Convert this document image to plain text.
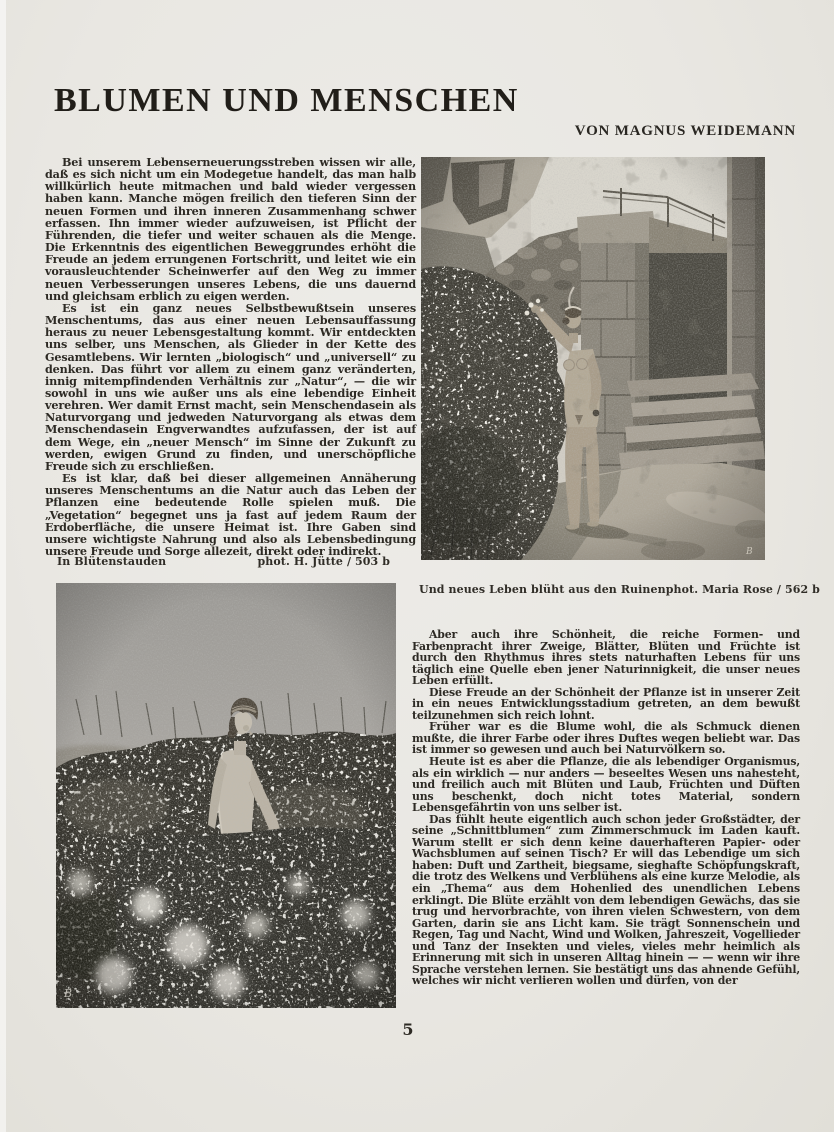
BLUMEN UND MENSCHEN
VON MAGNUS WEIDEMANN

Bei unserem Lebenserneuerungsstreben wissen wir alle, daß es sich nicht um ein Modegetue handelt, das man halb willkürlich heute mitmachen und bald wieder vergessen haben kann. Manche mögen freilich den tieferen Sinn der neuen Formen und ihren inneren Zusammenhang schwer erfassen. Ihn immer wieder aufzuweisen, ist Pflicht der Führenden, die tiefer und weiter schauen als die Menge. Die Erkenntnis des eigentlichen Beweggrundes erhöht die Freude an jedem errungenen Fortschritt, und leitet wie ein vorausleuchtender Scheinwerfer auf den Weg zu immer neuen Verbesserungen unseres Lebens, die uns dauernd und gleichsam erblich zu eigen werden.

Es ist ein ganz neues Selbstbewußtsein unseres Menschentums, das aus einer neuen Lebensauffassung heraus zu neuer Lebensgestaltung kommt. Wir entdeckten uns selber, uns Menschen, als Glieder in der Kette des Gesamtlebens. Wir lernten „biologisch“ und „universell“ zu denken. Das führt vor allem zu einem ganz veränderten, innig mitempfindenden Verhältnis zur „Natur“, — die wir sowohl in uns wie außer uns als eine lebendige Einheit verehren. Wer damit Ernst macht, sein Menschendasein als Naturvorgang und jedweden Naturvorgang als etwas dem Menschendasein Engverwandtes aufzufassen, der ist auf dem Wege, ein „neuer Mensch“ im Sinne der Zukunft zu werden, ewigen Grund zu finden, und unerschöpfliche Freude sich zu erschließen.

Es ist klar, daß bei dieser allgemeinen Annäherung unseres Menschentums an die Natur auch das Leben der Pflanzen eine bedeutende Rolle spielen muß. Die „Vegetation“ begegnet uns ja fast auf jedem Raum der Erdoberfläche, die unsere Heimat ist. Ihre Gaben sind unsere wichtigste Nahrung und also als Lebensbedingung unsere Freude und Sorge allezeit, direkt oder indirekt.

In Blütenstauden	phot. H. Jütte / 503 b
B
Und neues Leben blüht aus den Ruinen phot. Maria Rose / 562 b
B

Aber auch ihre Schönheit, die reiche Formen- und Farbenpracht ihrer Zweige, Blätter, Blüten und Früchte ist durch den Rhythmus ihres stets naturhaften Lebens für uns täglich eine Quelle eben jener Naturinnigkeit, die unser neues Leben erfüllt.

Diese Freude an der Schönheit der Pflanze ist in unserer Zeit in ein neues Entwicklungsstadium getreten, an dem bewußt teilzunehmen sich reich lohnt.

Früher war es die Blume wohl, die als Schmuck dienen mußte, die ihrer Farbe oder ihres Duftes wegen beliebt war. Das ist immer so gewesen und auch bei Naturvölkern so.

Heute ist es aber die Pflanze, die als lebendiger Organismus, als ein wirklich — nur anders — beseeltes Wesen uns nahesteht, und freilich auch mit Blüten und Laub, Früchten und Düften uns beschenkt, doch nicht totes Material, sondern Lebensgefährtin von uns selber ist.

Das fühlt heute eigentlich auch schon jeder Großstädter, der seine „Schnittblumen“ zum Zimmerschmuck im Laden kauft. Warum stellt er sich denn keine dauerhafteren Papier- oder Wachsblumen auf seinen Tisch? Er will das Lebendige um sich haben: Duft und Zartheit, biegsame, sieghafte Schöpfungskraft, die trotz des Welkens und Verblühens als eine kurze Melodie, als ein „Thema“ aus dem Hohenlied des unendlichen Lebens erklingt. Die Blüte erzählt von dem lebendigen Gewächs, das sie trug und hervorbrachte, von ihren vielen Schwestern, von dem Garten, darin sie ans Licht kam. Sie trägt Sonnenschein und Regen, Tag und Nacht, Wind und Wolken, Jahreszeit, Vogellieder und Tanz der Insekten und vieles, vieles mehr heimlich als Erinnerung mit sich in unseren Alltag hinein — — wenn wir ihre Sprache verstehen lernen. Sie bestätigt uns das ahnende Gefühl, welches wir nicht verlieren wollen und dürfen, von der

5
